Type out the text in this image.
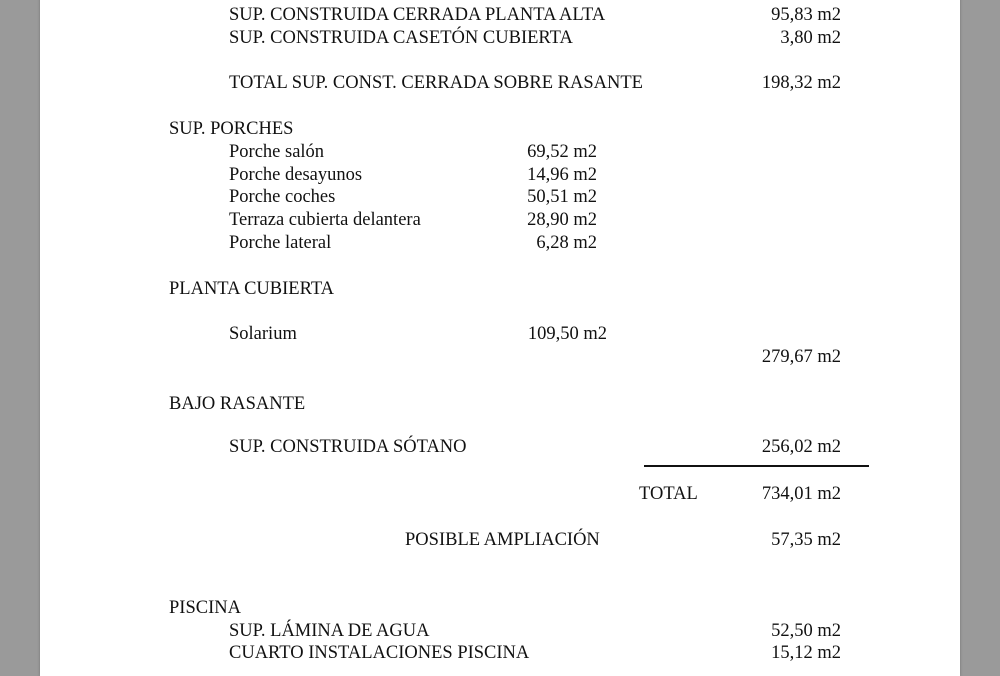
SUP. CONSTRUIDA CERRADA PLANTA ALTA	95,83 m2
SUP. CONSTRUIDA CASETÓN CUBIERTA	3,80 m2
TOTAL SUP. CONST. CERRADA SOBRE RASANTE	198,32 m2
SUP. PORCHES
Porche salón	69,52 m2
Porche desayunos	14,96 m2
Porche coches	50,51 m2
Terraza cubierta delantera	28,90 m2
Porche lateral	6,28 m2
PLANTA CUBIERTA
Solarium	109,50 m2
279,67 m2
BAJO RASANTE
SUP. CONSTRUIDA SÓTANO	256,02 m2
TOTAL	734,01 m2
POSIBLE AMPLIACIÓN	57,35 m2
PISCINA
SUP. LÁMINA DE AGUA	52,50 m2
CUARTO INSTALACIONES PISCINA	15,12 m2
